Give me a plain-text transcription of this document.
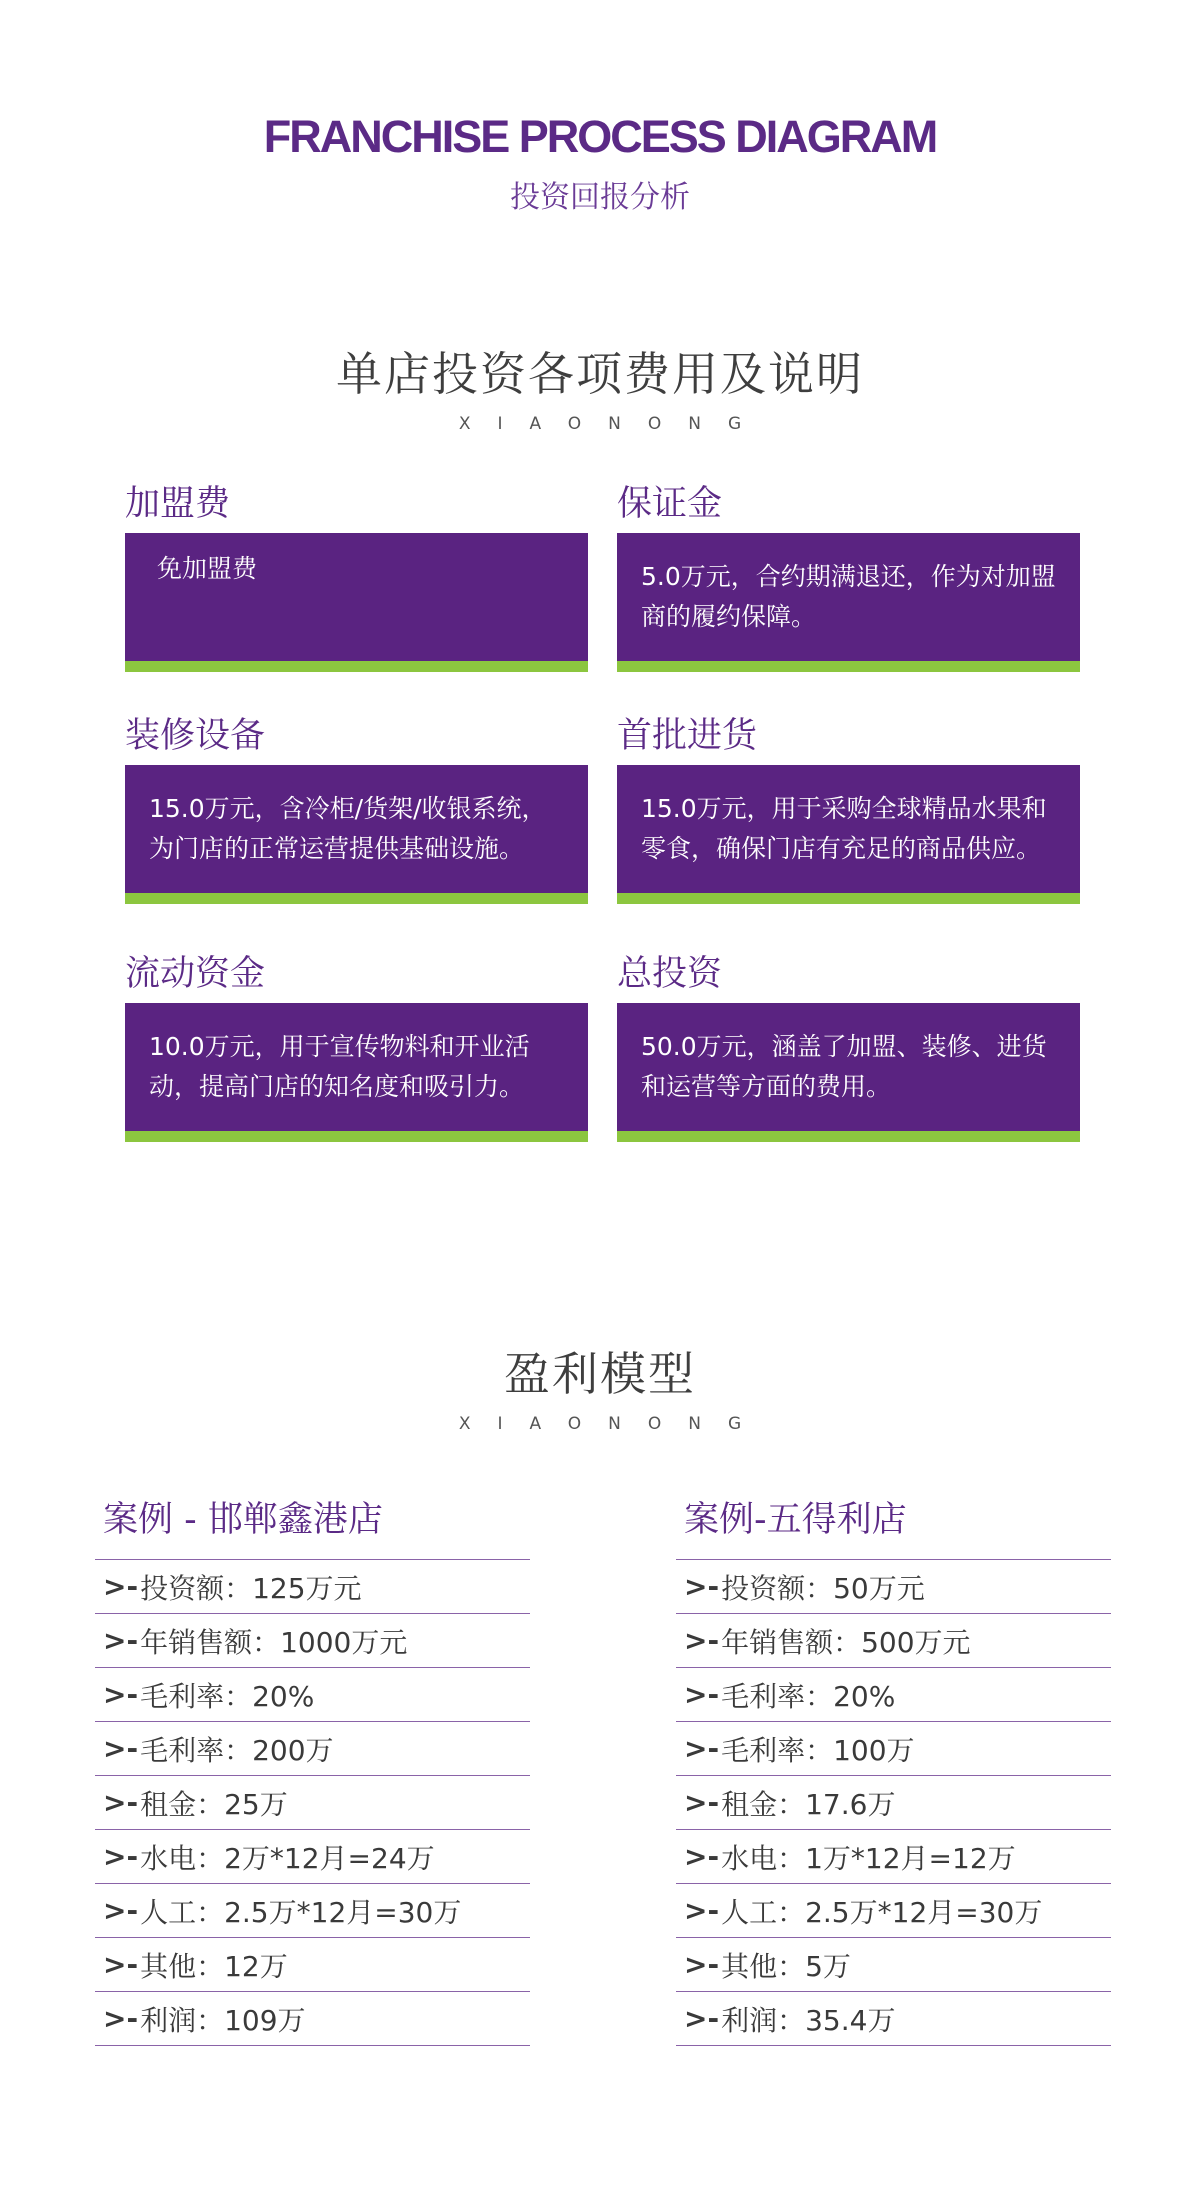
FRANCHISE PROCESS DIAGRAM
投资回报分析
单店投资各项费用及说明
XIAONONG
加盟费
免加盟费
保证金
5.0万元，合约期满退还，作为对加盟商的履约保障。
装修设备
15.0万元，含冷柜/货架/收银系统，为门店的正常运营提供基础设施。
首批进货
15.0万元，用于采购全球精品水果和零食，确保门店有充足的商品供应。
流动资金
10.0万元，用于宣传物料和开业活动，提高门店的知名度和吸引力。
总投资
50.0万元，涵盖了加盟、装修、进货和运营等方面的费用。
盈利模型
XIAONONG
案例 - 邯郸鑫港店
>- 投资额：125万元
>- 年销售额：1000万元
>- 毛利率：20%
>- 毛利率：200万
>- 租金：25万
>- 水电：2万*12月=24万
>- 人工：2.5万*12月=30万
>- 其他：12万
>- 利润：109万
案例-五得利店
>- 投资额：50万元
>- 年销售额：500万元
>- 毛利率：20%
>- 毛利率：100万
>- 租金：17.6万
>- 水电：1万*12月=12万
>- 人工：2.5万*12月=30万
>- 其他：5万
>- 利润：35.4万
